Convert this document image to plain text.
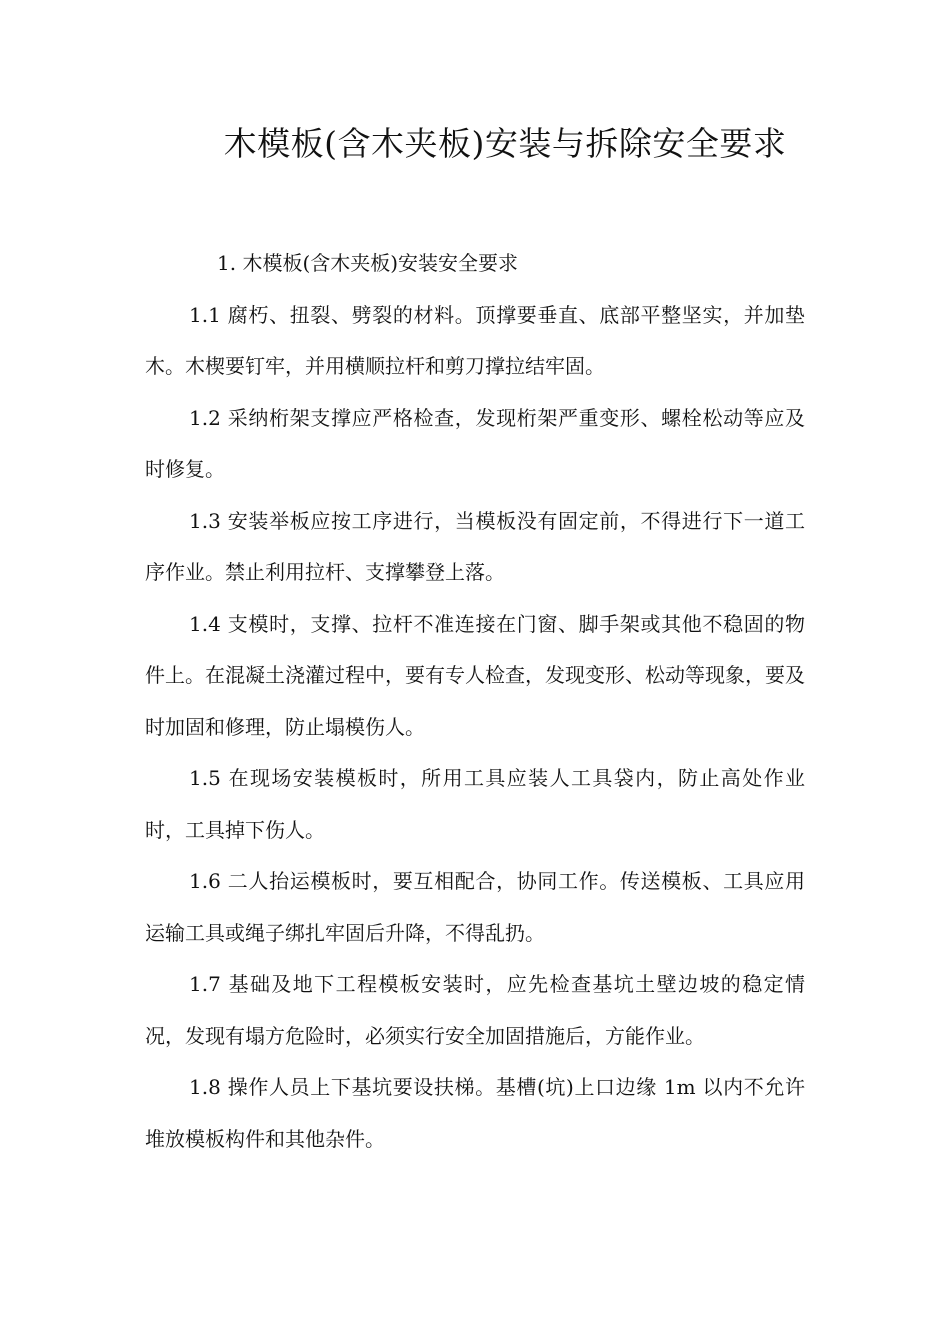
木模板(含木夹板)安装与拆除安全要求

1. 木模板(含木夹板)安装安全要求

1.1 腐朽、扭裂、劈裂的材料。顶撑要垂直、底部平整坚实，并加垫木。木楔要钉牢，并用横顺拉杆和剪刀撑拉结牢固。

1.2 采纳桁架支撑应严格检查，发现桁架严重变形、螺栓松动等应及时修复。

1.3 安装举板应按工序进行，当模板没有固定前，不得进行下一道工序作业。禁止利用拉杆、支撑攀登上落。

1.4 支模时，支撑、拉杆不准连接在门窗、脚手架或其他不稳固的物件上。在混凝土浇灌过程中，要有专人检查，发现变形、松动等现象，要及时加固和修理，防止塌模伤人。

1.5 在现场安装模板时，所用工具应装人工具袋内，防止高处作业时，工具掉下伤人。

1.6 二人抬运模板时，要互相配合，协同工作。传送模板、工具应用运输工具或绳子绑扎牢固后升降，不得乱扔。

1.7 基础及地下工程模板安装时，应先检查基坑土壁边坡的稳定情况，发现有塌方危险时，必须实行安全加固措施后，方能作业。

1.8 操作人员上下基坑要设扶梯。基槽(坑)上口边缘 1m 以内不允许堆放模板构件和其他杂件。
